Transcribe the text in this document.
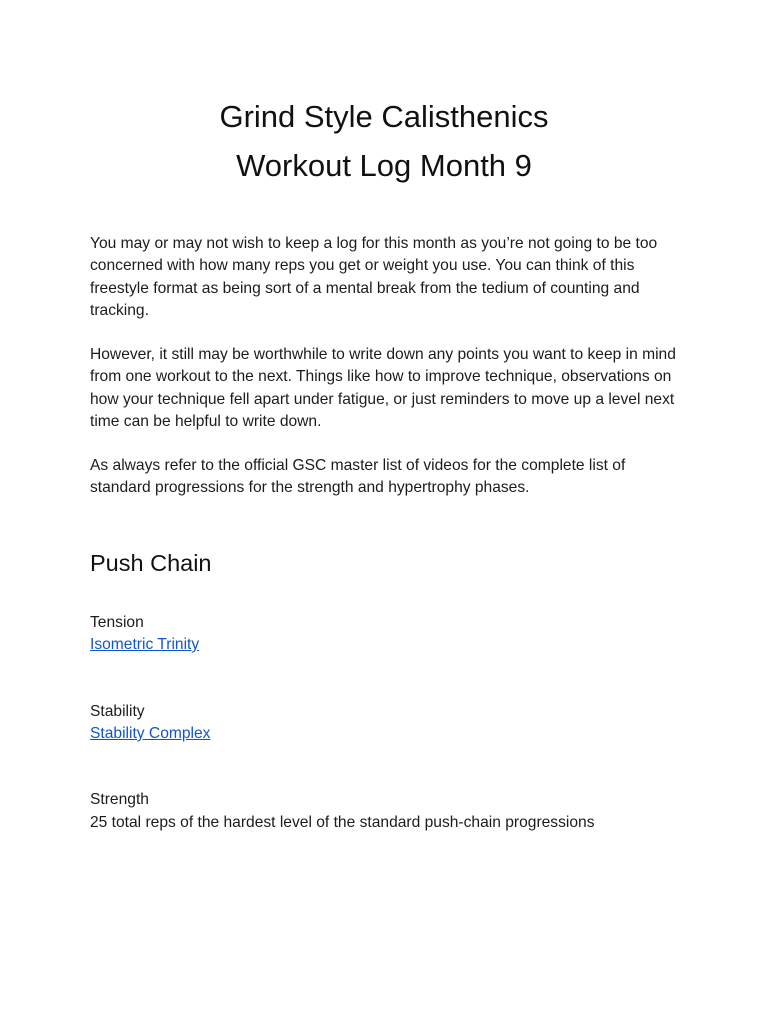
Grind Style Calisthenics
Workout Log Month 9
You may or may not wish to keep a log for this month as you’re not going to be too concerned with how many reps you get or weight you use. You can think of this freestyle format as being sort of a mental break from the tedium of counting and tracking.
However, it still may be worthwhile to write down any points you want to keep in mind from one workout to the next. Things like how to improve technique, observations on how your technique fell apart under fatigue, or just reminders to move up a level next time can be helpful to write down.
As always refer to the official GSC master list of videos for the complete list of standard progressions for the strength and hypertrophy phases.
Push Chain
Tension
Isometric Trinity
Stability
Stability Complex
Strength
25 total reps of the hardest level of the standard push-chain progressions
